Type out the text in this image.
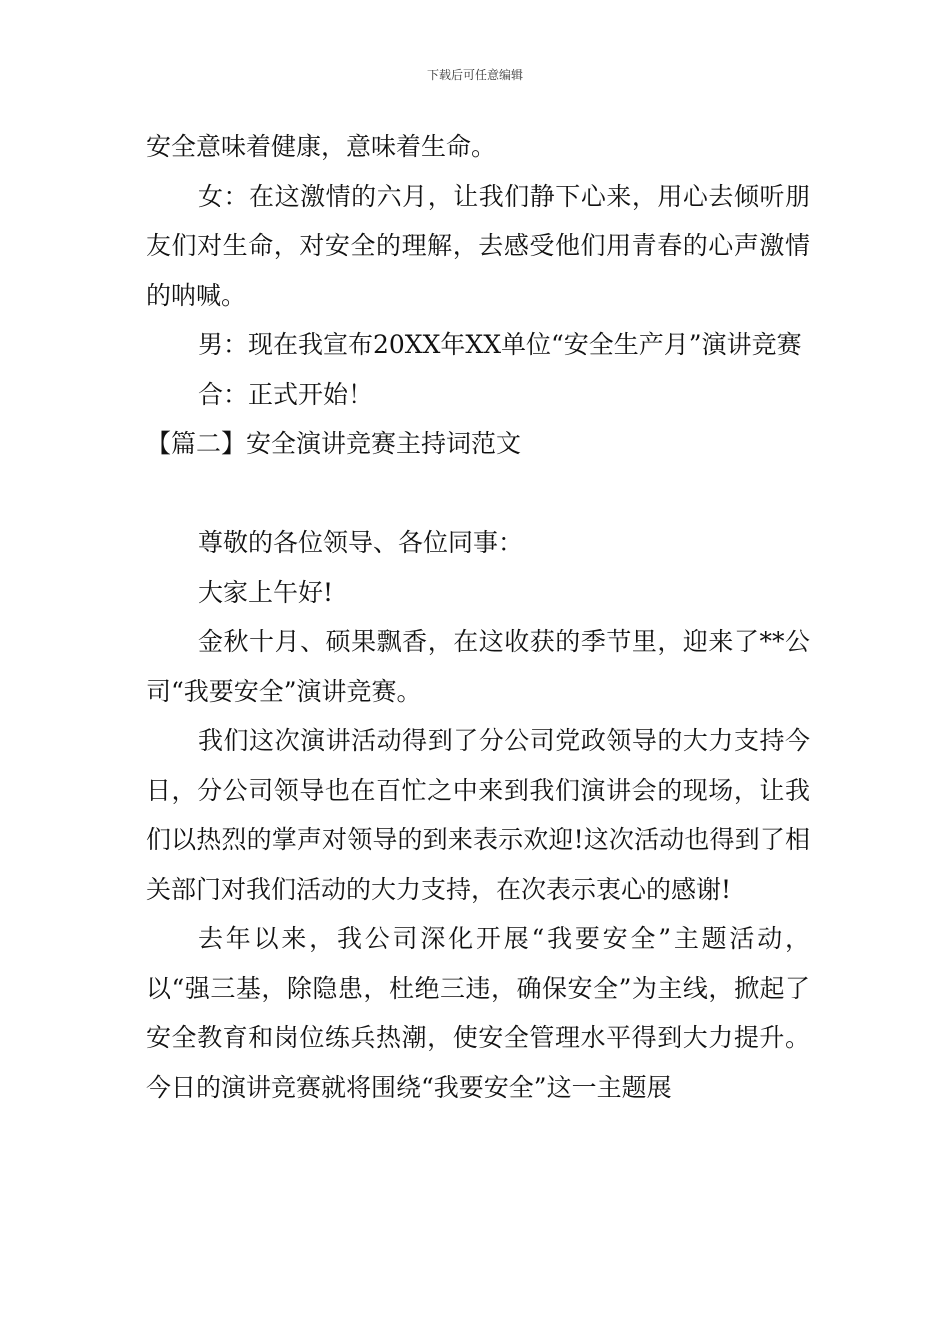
下载后可任意编辑

安全意味着健康，意味着生命。

女：在这激情的六月，让我们静下心来，用心去倾听朋友们对生命，对安全的理解，去感受他们用青春的心声激情的呐喊。

男：现在我宣布20XX年XX单位“安全生产月”演讲竞赛

合：正式开始！

【篇二】安全演讲竞赛主持词范文

尊敬的各位领导、各位同事：

大家上午好!

金秋十月、硕果飘香，在这收获的季节里，迎来了**公司“我要安全”演讲竞赛。

我们这次演讲活动得到了分公司党政领导的大力支持今日，分公司领导也在百忙之中来到我们演讲会的现场，让我们以热烈的掌声对领导的到来表示欢迎!这次活动也得到了相关部门对我们活动的大力支持，在次表示衷心的感谢!

去年以来，我公司深化开展“我要安全”主题活动，以“强三基，除隐患，杜绝三违，确保安全”为主线，掀起了安全教育和岗位练兵热潮，使安全管理水平得到大力提升。今日的演讲竞赛就将围绕“我要安全”这一主题展
